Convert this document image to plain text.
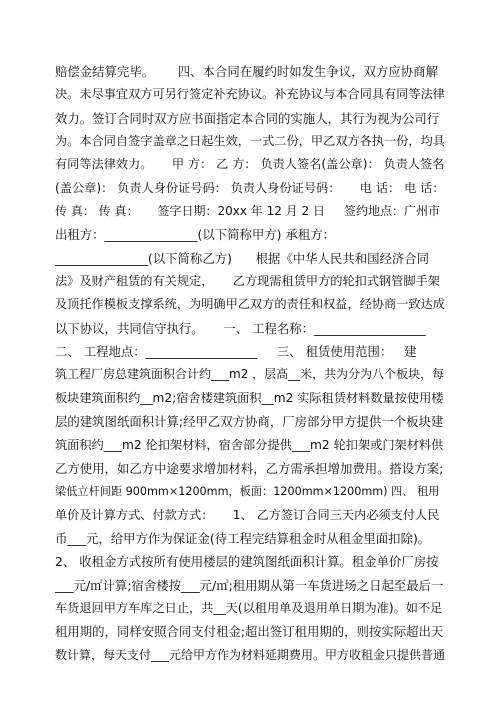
赔偿金结算完毕。      四、本合同在履约时如发生争议，双方应协商解
决。未尽事宜双方可另行签定补充协议。补充协议与本合同具有同等法律
效力。签订合同时双方应书面指定本合同的实施人，其行为视为公司行
为。本合同自签字盖章之日起生效，一式二份，甲乙双方各执一份，均具
有同等法律效力。     甲 方： 乙 方： 负责人签名(盖公章)： 负责人签名
(盖公章)： 负责人身份证号码： 负责人身份证号码：     电 话： 电 话：
传 真： 传 真：     签字日期：20xx 年 12 月 2 日     签约地点：广州市
出租方：_______________(以下简称甲方) 承租方：
_______________(以下简称乙方)      根据《中华人民共和国经济合同
法》及财产租赁的有关规定，     乙方现需租赁甲方的轮扣式钢管脚手架
及顶托作模板支撑系统，为明确甲乙双方的责任和权益，经协商一致达成
以下协议，共同信守执行。     一、 工程名称：__________________
二、 工程地点：__________________     三、 租赁使用范围：   建
筑工程厂房总建筑面积合计约___m2 ，层高__米，共为分为八个板块，每
板块建筑面积约__m2;宿舍楼建筑面积__m2 实际租赁材料数量按使用楼
层的建筑图纸面积计算;经甲乙双方协商，厂房部分甲方提供一个板块建
筑面积约___m2 伦扣架材料，宿舍部分提供___m2 轮扣架或门架材料供
乙方使用，如乙方中途要求增加材料，乙方需承担增加费用。搭设方案;
梁低立杆间距 900mm×1200mm，板面：1200mm×1200mm) 四、 租用
单价及计算方式、付款方式：     1、 乙方签订合同三天内必须支付人民
币___元，给甲方作为保证金(待工程完结算租金时从租金里面扣除)。
2、 收租金方式按所有使用楼层的建筑图纸面积计算。租金单价厂房按
___元/㎡计算;宿舍楼按___元/㎡;租用期从第一车货进场之日起至最后一
车货退回甲方车库之日止，共__天(以租用单及退用单日期为准)。如不足
租用期的，同样安照合同支付租金;超出签订租用期的，则按实际超出天
数计算，每天支付___元给甲方作为材料延期费用。甲方收租金只提供普通
